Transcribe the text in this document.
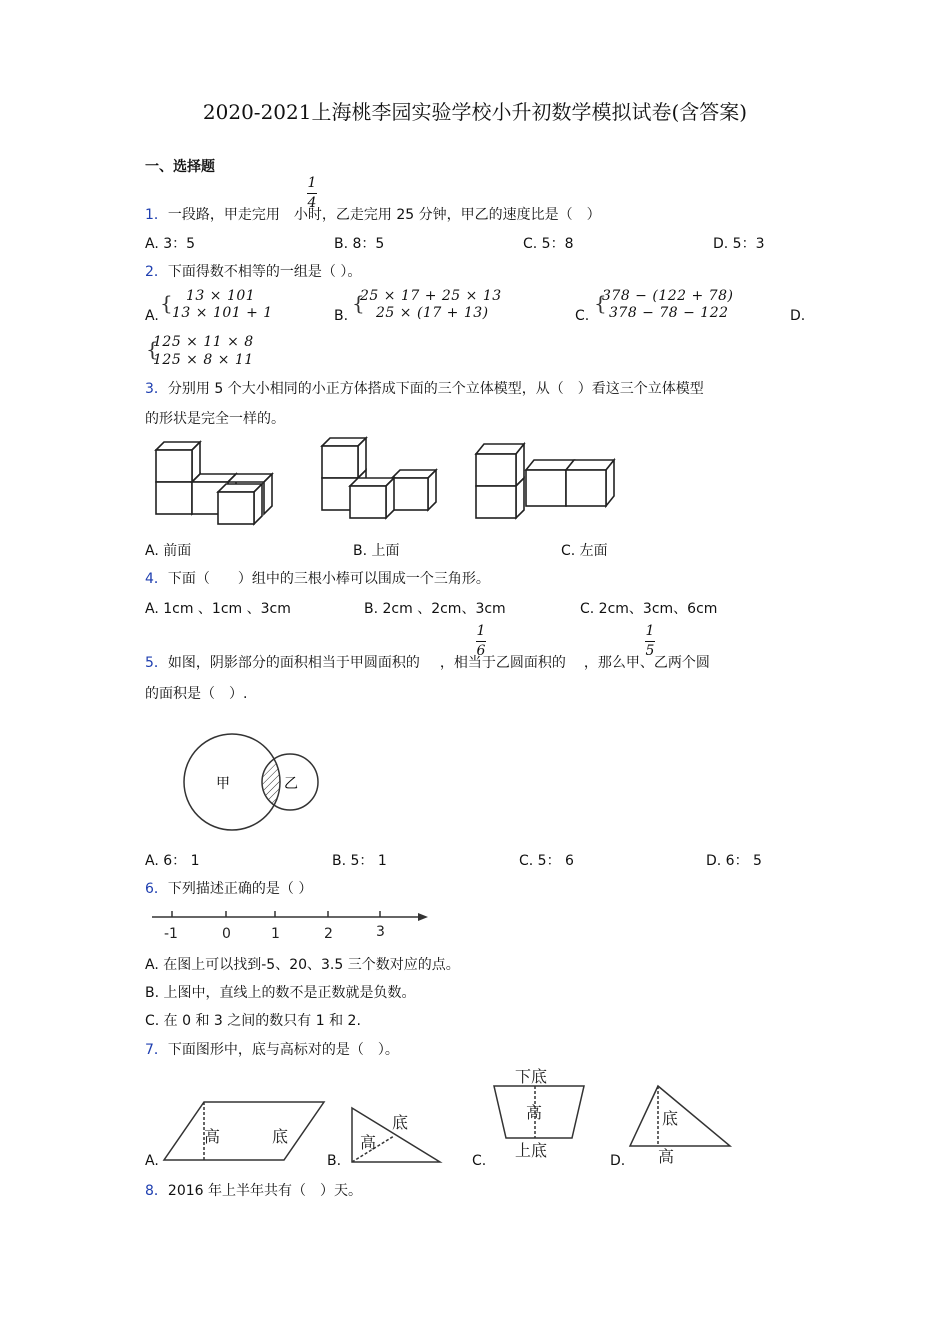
2020-2021上海桃李园实验学校小升初数学模拟试卷(含答案)
一、选择题
1．一段路，甲走完用 小时，乙走完用 25 分钟，甲乙的速度比是（　）
1
4
A. 3：5	B. 8：5	C. 5：8	D. 5：3
2．下面得数不相等的一组是（ ）。
A.
{ 13 × 101
13 × 101 + 1	B.
{
25 × 17 + 25 × 13
25 × (17 + 13)	C.
{
378 − (122 + 78)
378 − 78 − 122	D.
{
125 × 11 × 8
125 × 8 × 11
3．分别用 5 个大小相同的小正方体搭成下面的三个立体模型，从（　）看这三个立体模型
的形状是完全一样的。
A. 前面	B. 上面	C. 左面
4．下面（　　）组中的三根小棒可以围成一个三角形。
A. 1cm 、1cm 、3cm	B. 2cm 、2cm、3cm	C. 2cm、3cm、6cm
5．如图，阴影部分的面积相当于甲圆面积的 ，相当于乙圆面积的 ，那么甲、乙两个圆
1
6
1
5
的面积是（　）.
甲	乙
A. 6： 1	B. 5： 1	C. 5： 6	D. 6： 5
6．下列描述正确的是（ ）
-1	0	1	2	3
A. 在图上可以找到-5、20、3.5 三个数对应的点。
B. 上图中，直线上的数不是正数就是负数。
C. 在 0 和 3 之间的数只有 1 和 2.
7．下面图形中，底与高标对的是（　）。
高	底	高
底
下底
高
上底
底
高
A.	B.	C.	D.
8．2016 年上半年共有（　）天。
